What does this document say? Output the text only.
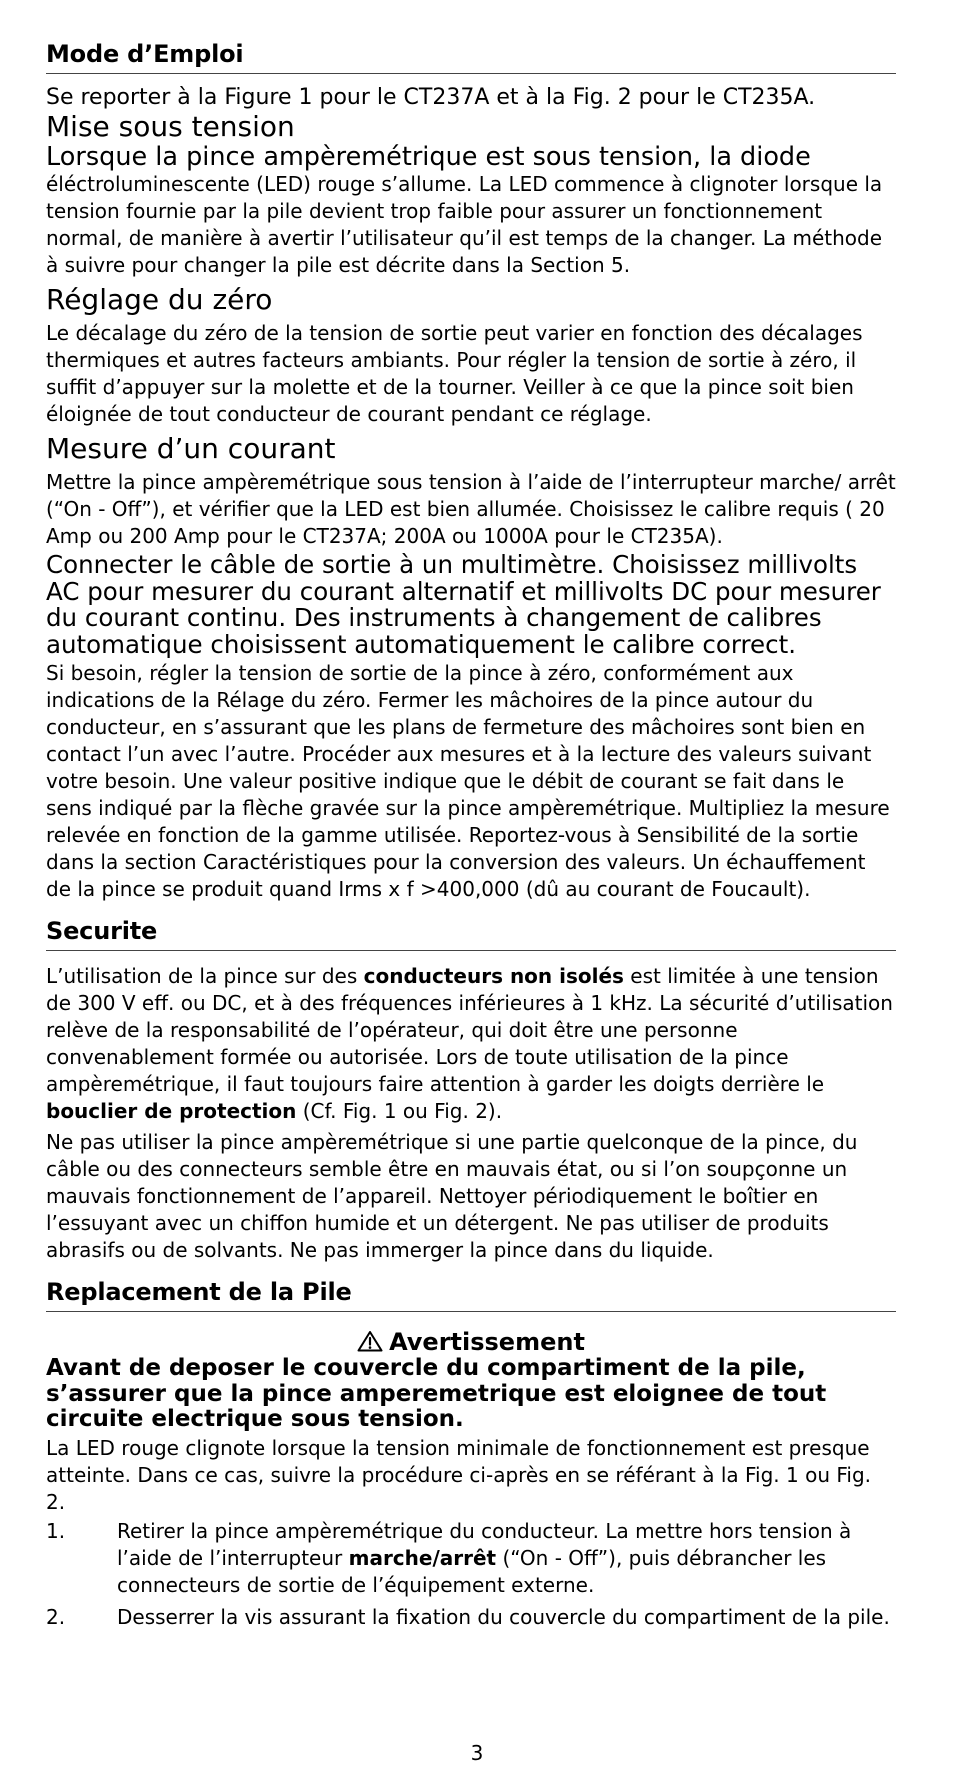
Mode d’Emploi

Se reporter à la Figure 1 pour le CT237A et à la Fig. 2 pour le CT235A.

Mise sous tension

Lorsque la pince ampèremétrique est sous tension, la diode

éléctroluminescente (LED) rouge s’allume. La LED commence à clignoter lorsque la tension fournie par la pile devient trop faible pour assurer un fonctionnement normal, de manière à avertir l’utilisateur qu’il est temps de la changer. La méthode à suivre pour changer la pile est décrite dans la Section 5.

Réglage du zéro

Le décalage du zéro de la tension de sortie peut varier en fonction des décalages thermiques et autres facteurs ambiants. Pour régler la tension de sortie à zéro, il suffit d’appuyer sur la molette et de la tourner. Veiller à ce que la pince soit bien éloignée de tout conducteur de courant pendant ce réglage.

Mesure d’un courant

Mettre la pince ampèremétrique sous tension à l’aide de l’interrupteur marche/ arrêt (“On - Off”), et vérifier que la LED est bien allumée. Choisissez le calibre requis ( 20 Amp ou 200 Amp pour le CT237A; 200A ou 1000A pour le CT235A).

Connecter le câble de sortie à un multimètre. Choisissez millivolts AC pour mesurer du courant alternatif et millivolts DC pour mesurer du courant continu. Des instruments à changement de calibres automatique choisissent automatiquement le calibre correct.

Si besoin, régler la tension de sortie de la pince à zéro, conformément aux indications de la Rélage du zéro. Fermer les mâchoires de la pince autour du conducteur, en s’assurant que les plans de fermeture des mâchoires sont bien en contact l’un avec l’autre. Procéder aux mesures et à la lecture des valeurs suivant votre besoin. Une valeur positive indique que le débit de courant se fait dans le sens indiqué par la flèche gravée sur la pince ampèremétrique. Multipliez la mesure relevée en fonction de la gamme utilisée. Reportez-vous à Sensibilité de la sortie dans la section Caractéristiques pour la conversion des valeurs. Un échauffement de la pince se produit quand Irms x f >400,000 (dû au courant de Foucault).

Securite

L’utilisation de la pince sur des conducteurs non isolés est limitée à une tension de 300 V eff. ou DC, et à des fréquences inférieures à 1 kHz. La sécurité d’utilisation relève de la responsabilité de l’opérateur, qui doit être une personne convenablement formée ou autorisée. Lors de toute utilisation de la pince ampèremétrique, il faut toujours faire attention à garder les doigts derrière le bouclier de protection (Cf. Fig. 1 ou Fig. 2).

Ne pas utiliser la pince ampèremétrique si une partie quelconque de la pince, du câble ou des connecteurs semble être en mauvais état, ou si l’on soupçonne un mauvais fonctionnement de l’appareil. Nettoyer périodiquement le boîtier en l’essuyant avec un chiffon humide et un détergent. Ne pas utiliser de produits abrasifs ou de solvants. Ne pas immerger la pince dans du liquide.

Replacement de la Pile
Avertissement

Avant de deposer le couvercle du compartiment de la pile, s’assurer que la pince amperemetrique est eloignee de tout circuite electrique sous tension.

La LED rouge clignote lorsque la tension minimale de fonctionnement est presque atteinte. Dans ce cas, suivre la procédure ci-après en se référant à la Fig. 1 ou Fig. 2.

1.	Retirer la pince ampèremétrique du conducteur. La mettre hors tension à l’aide de l’interrupteur marche/arrêt (“On - Off”), puis débrancher les connecteurs de sortie de l’équipement externe.
2.	Desserrer la vis assurant la fixation du couvercle du compartiment de la pile.
3
